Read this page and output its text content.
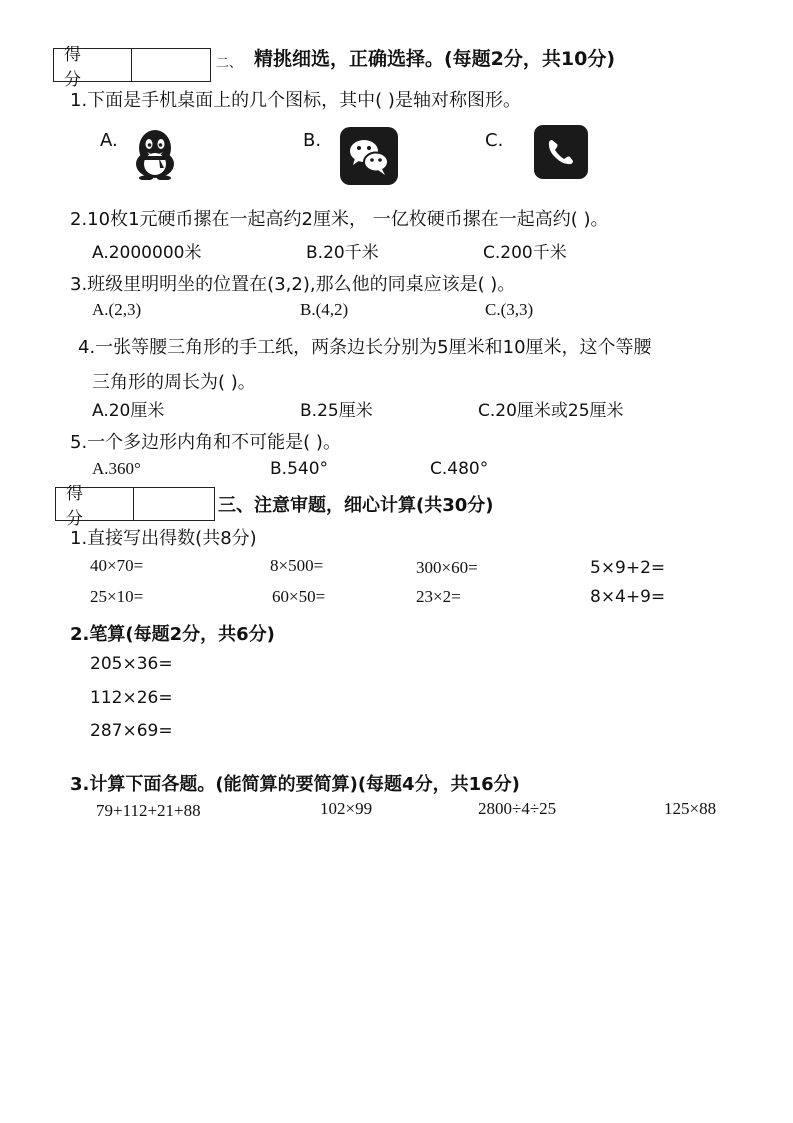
得 分
二、 精挑细选，正确选择。(每题2分，共10分)
1.下面是手机桌面上的几个图标，其中( )是轴对称图形。
A.	B.	C.
2.10枚1元硬币摞在一起高约2厘米， 一亿枚硬币摞在一起高约( )。
A.2000000米	B.20千米	C.200千米
3.班级里明明坐的位置在(3,2),那么他的同桌应该是( )。
A.(2,3)	B.(4,2)	C.(3,3)
4.一张等腰三角形的手工纸，两条边长分别为5厘米和10厘米，这个等腰
三角形的周长为( )。
A.20厘米	B.25厘米	C.20厘米或25厘米
5.一个多边形内角和不可能是( )。
A.360°	B.540°	C.480°
得 分
三、注意审题，细心计算(共30分)
1.直接写出得数(共8分)
40×70=	8×500=	300×60=	5×9+2=
25×10=	60×50=	23×2=	8×4+9=
2.笔算(每题2分，共6分)
205×36=
112×26=
287×69=
3.计算下面各题。(能简算的要简算)(每题4分，共16分)
79+112+21+88	102×99	2800÷4÷25	125×88
